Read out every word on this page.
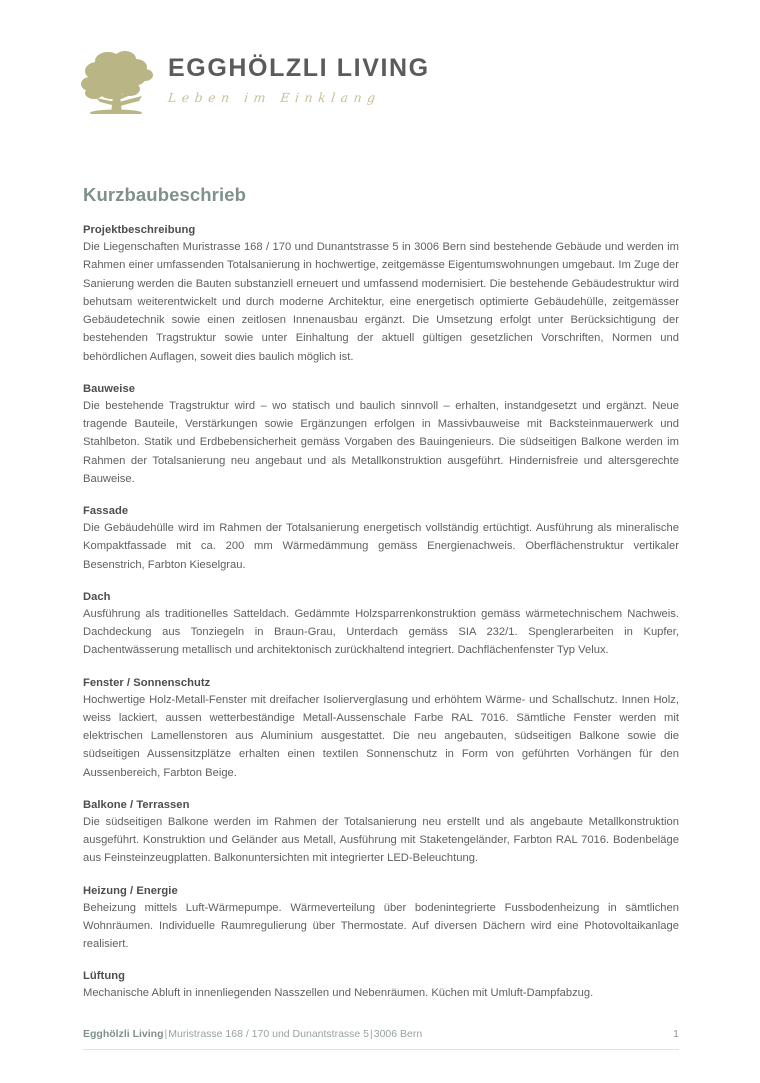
EGGHÖLZLI LIVING
Leben im Einklang
Kurzbaubeschrieb
Projektbeschreibung

Die Liegenschaften Muristrasse 168 / 170 und Dunantstrasse 5 in 3006 Bern sind bestehende Gebäude und werden im Rahmen einer umfassenden Totalsanierung in hochwertige, zeitgemässe Eigentumswohnungen umgebaut. Im Zuge der Sanierung werden die Bauten substanziell erneuert und umfassend modernisiert. Die bestehende Gebäudestruktur wird behutsam weiterentwickelt und durch moderne Architektur, eine energetisch optimierte Gebäudehülle, zeitgemässer Gebäudetechnik sowie einen zeitlosen Innenausbau ergänzt. Die Umsetzung erfolgt unter Berücksichtigung der bestehenden Tragstruktur sowie unter Einhaltung der aktuell gültigen gesetzlichen Vorschriften, Normen und behördlichen Auflagen, soweit dies baulich möglich ist.

Bauweise

Die bestehende Tragstruktur wird – wo statisch und baulich sinnvoll – erhalten, instandgesetzt und ergänzt. Neue tragende Bauteile, Verstärkungen sowie Ergänzungen erfolgen in Massivbauweise mit Backsteinmauerwerk und Stahlbeton. Statik und Erdbebensicherheit gemäss Vorgaben des Bauingenieurs. Die südseitigen Balkone werden im Rahmen der Totalsanierung neu angebaut und als Metallkonstruktion ausgeführt. Hindernisfreie und altersgerechte Bauweise.

Fassade

Die Gebäudehülle wird im Rahmen der Totalsanierung energetisch vollständig ertüchtigt. Ausführung als mineralische Kompaktfassade mit ca. 200 mm Wärmedämmung gemäss Energienachweis. Oberflächenstruktur vertikaler Besenstrich, Farbton Kieselgrau.

Dach

Ausführung als traditionelles Satteldach. Gedämmte Holzsparrenkonstruktion gemäss wärmetechnischem Nachweis. Dachdeckung aus Tonziegeln in Braun-Grau, Unterdach gemäss SIA 232/1. Spenglerarbeiten in Kupfer, Dachentwässerung metallisch und architektonisch zurückhaltend integriert. Dachflächenfenster Typ Velux.

Fenster / Sonnenschutz

Hochwertige Holz-Metall-Fenster mit dreifacher Isolierverglasung und erhöhtem Wärme- und Schallschutz. Innen Holz, weiss lackiert, aussen wetterbeständige Metall-Aussenschale Farbe RAL 7016. Sämtliche Fenster werden mit elektrischen Lamellenstoren aus Aluminium ausgestattet. Die neu angebauten, südseitigen Balkone sowie die südseitigen Aussensitzplätze erhalten einen textilen Sonnenschutz in Form von geführten Vorhängen für den Aussenbereich, Farbton Beige.

Balkone / Terrassen

Die südseitigen Balkone werden im Rahmen der Totalsanierung neu erstellt und als angebaute Metallkonstruktion ausgeführt. Konstruktion und Geländer aus Metall, Ausführung mit Staketengeländer, Farbton RAL 7016. Bodenbeläge aus Feinsteinzeugplatten. Balkonuntersichten mit integrierter LED-Beleuchtung.

Heizung / Energie

Beheizung mittels Luft-Wärmepumpe. Wärmeverteilung über bodenintegrierte Fussbodenheizung in sämtlichen Wohnräumen. Individuelle Raumregulierung über Thermostate. Auf diversen Dächern wird eine Photovoltaikanlage realisiert.

Lüftung

Mechanische Abluft in innenliegenden Nasszellen und Nebenräumen. Küchen mit Umluft-Dampfabzug.

Egghölzli Living|Muristrasse 168 / 170 und Dunantstrasse 5|3006 Bern	1
